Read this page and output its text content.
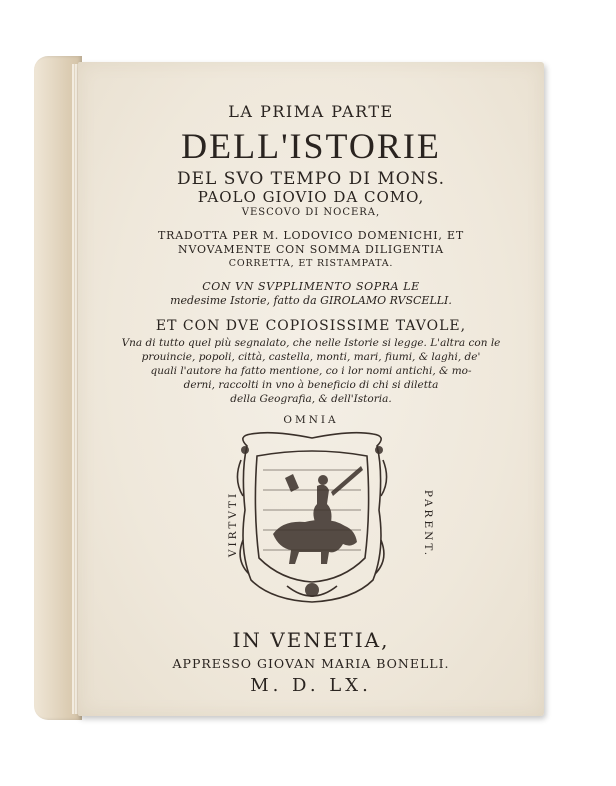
LA PRIMA PARTE

DELL'ISTORIE

DEL SVO TEMPO DI MONS.

PAOLO GIOVIO DA COMO,

VESCOVO DI NOCERA,

TRADOTTA PER M. LODOVICO DOMENICHI, ET

NVOVAMENTE CON SOMMA DILIGENTIA

CORRETTA, ET RISTAMPATA.

CON VN SVPPLIMENTO SOPRA LE

medesime Istorie, fatto da GIROLAMO RVSCELLI.

ET CON DVE COPIOSISSIME TAVOLE,

Vna di tutto quel più segnalato, che nelle Istorie si legge. L'altra con le

prouincie, popoli, città, castella, monti, mari, fiumi, & laghi, de'

quali l'autore ha fatto mentione, co i lor nomi antichi, & mo-

derni, raccolti in vno à beneficio di chi si diletta

della Geografia, & dell'Istoria.

OMNIA
VIRTVTI	PARENT.

IN VENETIA,

APPRESSO GIOVAN MARIA BONELLI.

M. D. LX.
